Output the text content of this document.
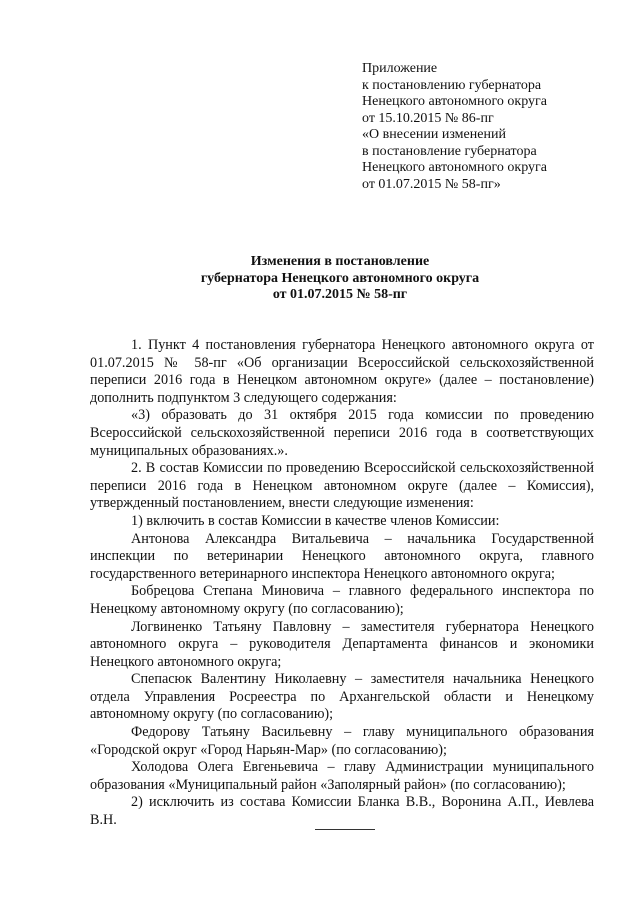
Приложение
к постановлению губернатора
Ненецкого автономного округа
от 15.10.2015 № 86-пг
«О внесении изменений
в постановление губернатора
Ненецкого автономного округа
от 01.07.2015 № 58-пг»
Изменения в постановление
губернатора Ненецкого автономного округа
от 01.07.2015 № 58-пг

1. Пункт 4 постановления губернатора Ненецкого автономного округа от 01.07.2015 № 58-пг «Об организации Всероссийской сельскохозяйственной переписи 2016 года в Ненецком автономном округе» (далее – постановление) дополнить подпунктом 3 следующего содержания:

«3) образовать до 31 октября 2015 года комиссии по проведению Всероссийской сельскохозяйственной переписи 2016 года в соответствующих муниципальных образованиях.».

2. В состав Комиссии по проведению Всероссийской сельскохозяйственной переписи 2016 года в Ненецком автономном округе (далее – Комиссия), утвержденный постановлением, внести следующие изменения:

1) включить в состав Комиссии в качестве членов Комиссии:

Антонова Александра Витальевича – начальника Государственной инспекции по ветеринарии Ненецкого автономного округа, главного государственного ветеринарного инспектора Ненецкого автономного округа;

Бобрецова Степана Миновича – главного федерального инспектора по Ненецкому автономному округу (по согласованию);

Логвиненко Татьяну Павловну – заместителя губернатора Ненецкого автономного округа – руководителя Департамента финансов и экономики Ненецкого автономного округа;

Спепасюк Валентину Николаевну – заместителя начальника Ненецкого отдела Управления Росреестра по Архангельской области и Ненецкому автономному округу (по согласованию);

Федорову Татьяну Васильевну – главу муниципального образования «Городской округ «Город Нарьян-Мар» (по согласованию);

Холодова Олега Евгеньевича – главу Администрации муниципального образования «Муниципальный район «Заполярный район» (по согласованию);

2) исключить из состава Комиссии Бланка В.В., Воронина А.П., Иевлева В.Н.
